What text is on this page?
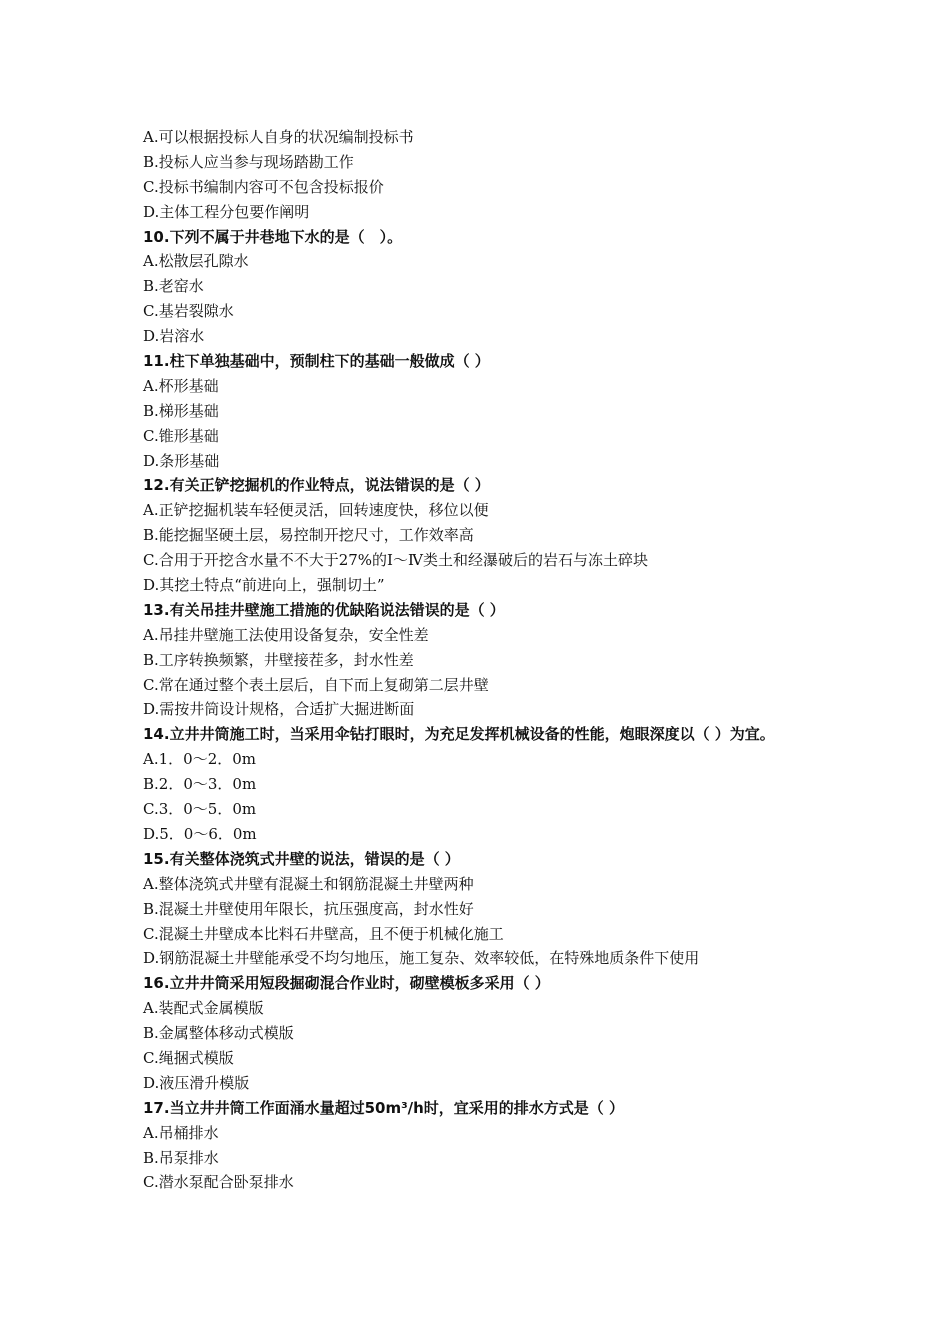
A.可以根据投标人自身的状况编制投标书
B.投标人应当参与现场踏勘工作
C.投标书编制内容可不包含投标报价
D.主体工程分包要作阐明
10.下列不属于井巷地下水的是（　）。
A.松散层孔隙水
B.老窑水
C.基岩裂隙水
D.岩溶水
11.柱下单独基础中，预制柱下的基础一般做成（ ）
A.杯形基础
B.梯形基础
C.锥形基础
D.条形基础
12.有关正铲挖掘机的作业特点，说法错误的是（ ）
A.正铲挖掘机装车轻便灵活，回转速度快，移位以便
B.能挖掘坚硬土层，易控制开挖尺寸，工作效率高
C.合用于开挖含水量不不大于27%的Ⅰ～Ⅳ类土和经瀑破后的岩石与冻土碎块
D.其挖土特点“前进向上，强制切土”
13.有关吊挂井壁施工措施的优缺陷说法错误的是（ ）
A.吊挂井壁施工法使用设备复杂，安全性差
B.工序转换频繁，井壁接茬多，封水性差
C.常在通过整个表土层后，自下而上复砌第二层井壁
D.需按井筒设计规格，合适扩大掘进断面
14.立井井筒施工时，当采用伞钻打眼时，为充足发挥机械设备的性能，炮眼深度以（ ）为宜。
A.1．0～2．0m
B.2．0～3．0m
C.3．0～5．0m
D.5．0～6．0m
15.有关整体浇筑式井壁的说法，错误的是（ ）
A.整体浇筑式井壁有混凝土和钢筋混凝土井壁两种
B.混凝土井壁使用年限长，抗压强度高，封水性好
C.混凝土井壁成本比料石井壁高，且不便于机械化施工
D.钢筋混凝土井壁能承受不均匀地压，施工复杂、效率较低，在特殊地质条件下使用
16.立井井筒采用短段掘砌混合作业时，砌壁模板多采用（ ）
A.装配式金属模版
B.金属整体移动式模版
C.绳捆式模版
D.液压滑升模版
17.当立井井筒工作面涌水量超过50m³/h时，宜采用的排水方式是（ ）
A.吊桶排水
B.吊泵排水
C.潜水泵配合卧泵排水
